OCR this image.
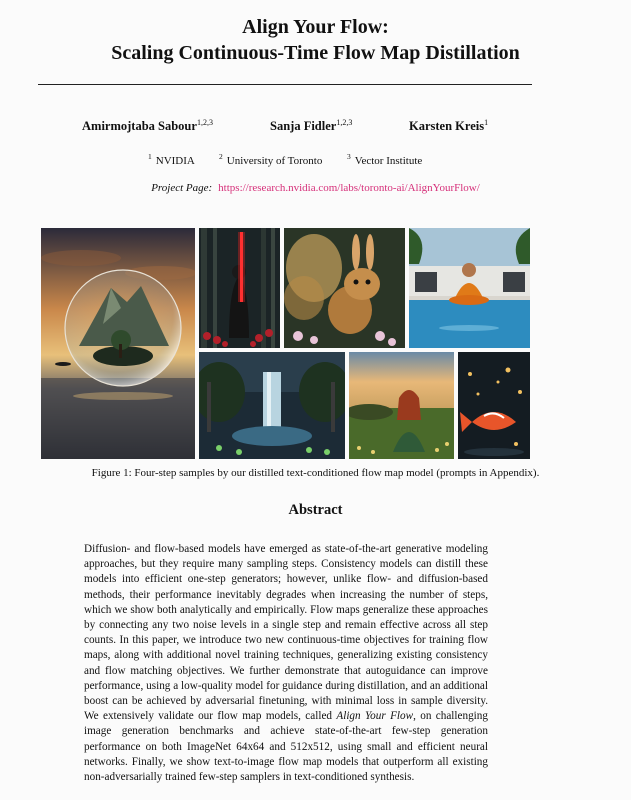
Align Your Flow:
Scaling Continuous-Time Flow Map Distillation
Amirmojtaba Sabour$^{1,2,3}$	Sanja Fidler$^{1,2,3}$	Karsten Kreis$^1$
$^1$ NVIDIA	$^2$ University of Toronto	$^3$ Vector Institute
Project Page: https://research.nvidia.com/labs/toronto-ai/AlignYourFlow/
Figure 1: Four-step samples by our distilled text-conditioned flow map model (prompts in Appendix).
Abstract
Diffusion- and flow-based models have emerged as state-of-the-art generative modeling approaches, but they require many sampling steps. Consistency models can distill these models into efficient one-step generators; however, unlike flow- and diffusion-based methods, their performance inevitably degrades when increasing the number of steps, which we show both analytically and empirically. Flow maps generalize these approaches by connecting any two noise levels in a single step and remain effective across all step counts. In this paper, we introduce two new continuous-time objectives for training flow maps, along with additional novel training techniques, generalizing existing consistency and flow matching objectives. We further demonstrate that autoguidance can improve performance, using a low-quality model for guidance during distillation, and an additional boost can be achieved by adversarial finetuning, with minimal loss in sample diversity. We extensively validate our flow map models, called Align Your Flow, on challenging image generation benchmarks and achieve state-of-the-art few-step generation performance on both ImageNet 64x64 and 512x512, using small and efficient neural networks. Finally, we show text-to-image flow map models that outperform all existing non-adversarially trained few-step samplers in text-conditioned synthesis.
